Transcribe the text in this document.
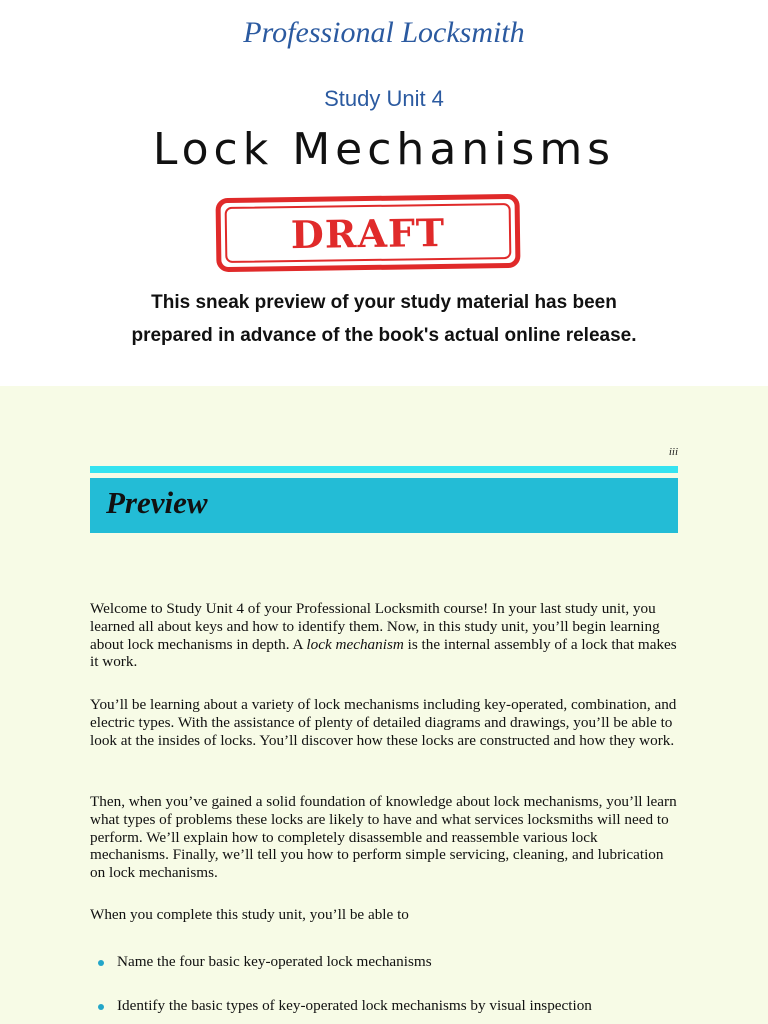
Professional Locksmith
Study Unit 4
Lock Mechanisms
DRAFT
This sneak preview of your study material has been
prepared in advance of the book's actual online release.
iii
Preview

Welcome to Study Unit 4 of your Professional Locksmith course! In your last study unit, you learned all about keys and how to identify them. Now, in this study unit, you’ll begin learning about lock mechanisms in depth. A lock mechanism is the internal assembly of a lock that makes it work.

You’ll be learning about a variety of lock mechanisms including key-operated, combination, and electric types. With the assistance of plenty of detailed diagrams and drawings, you’ll be able to look at the insides of locks. You’ll discover how these locks are constructed and how they work.

Then, when you’ve gained a solid foundation of knowledge about lock mechanisms, you’ll learn what types of problems these locks are likely to have and what services locksmiths will need to perform. We’ll explain how to completely disassemble and reassemble various lock mechanisms. Finally, we’ll tell you how to perform simple servicing, cleaning, and lubrication on lock mechanisms.

When you complete this study unit, you’ll be able to

Name the four basic key-operated lock mechanisms
Identify the basic types of key-operated lock mechanisms by visual inspection
